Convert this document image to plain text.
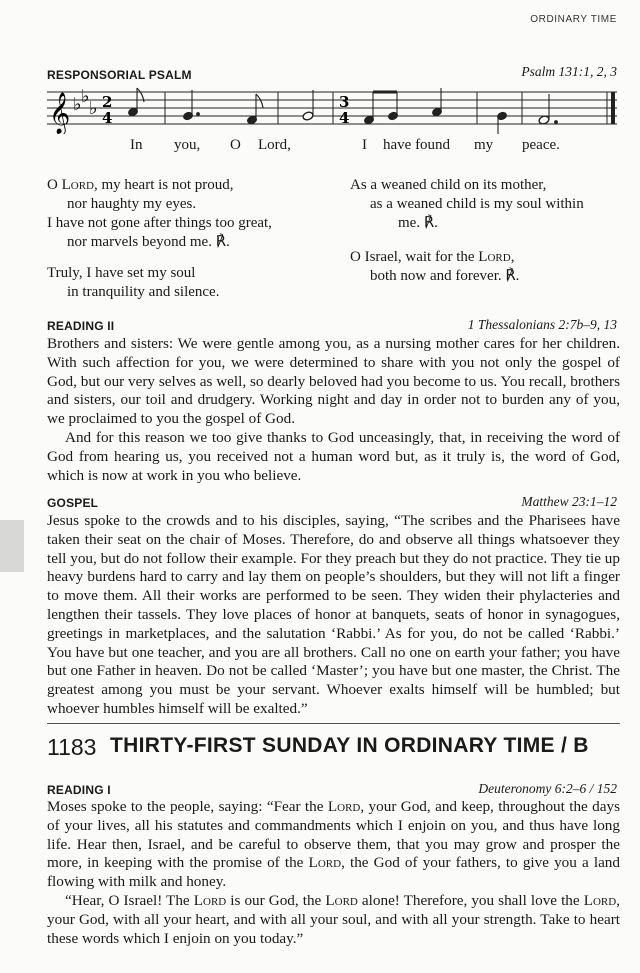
ORDINARY TIME
RESPONSORIAL PSALM	Psalm 131:1, 2, 3
𝄞 ♭ ♭
♭ 2
4
3
4
In you, O Lord,	I have found my peace.
O Lord, my heart is not proud,
nor haughty my eyes.
I have not gone after things too great,
nor marvels beyond me. ℟.
Truly, I have set my soul
in tranquility and silence.
As a weaned child on its mother,
as a weaned child is my soul within
me. ℟.
O Israel, wait for the Lord,
both now and forever. ℟.
READING II	1 Thessalonians 2:7b–9, 13

Brothers and sisters: We were gentle among you, as a nursing mother cares for her children. With such affection for you, we were determined to share with you not only the gospel of God, but our very selves as well, so dearly beloved had you become to us. You recall, brothers and sisters, our toil and drudgery. Working night and day in order not to burden any of you, we proclaimed to you the gospel of God.

And for this reason we too give thanks to God unceasingly, that, in receiving the word of God from hearing us, you received not a human word but, as it truly is, the word of God, which is now at work in you who believe.

GOSPEL	Matthew 23:1–12

Jesus spoke to the crowds and to his disciples, saying, “The scribes and the Pharisees have taken their seat on the chair of Moses. Therefore, do and observe all things whatsoever they tell you, but do not follow their example. For they preach but they do not practice. They tie up heavy burdens hard to carry and lay them on people’s shoulders, but they will not lift a finger to move them. All their works are performed to be seen. They widen their phylacteries and lengthen their tassels. They love places of honor at banquets, seats of honor in synagogues, greetings in marketplaces, and the salutation ‘Rabbi.’ As for you, do not be called ‘Rabbi.’ You have but one teacher, and you are all brothers. Call no one on earth your father; you have but one Father in heaven. Do not be called ‘Master’; you have but one master, the Christ. The greatest among you must be your servant. Whoever exalts himself will be humbled; but whoever humbles himself will be exalted.”

1183 THIRTY-FIRST SUNDAY IN ORDINARY TIME / B
READING I	Deuteronomy 6:2–6 / 152

Moses spoke to the people, saying: “Fear the Lord, your God, and keep, throughout the days of your lives, all his statutes and commandments which I enjoin on you, and thus have long life. Hear then, Israel, and be careful to observe them, that you may grow and prosper the more, in keeping with the promise of the Lord, the God of your fathers, to give you a land flowing with milk and honey.

“Hear, O Israel! The Lord is our God, the Lord alone! Therefore, you shall love the Lord, your God, with all your heart, and with all your soul, and with all your strength. Take to heart these words which I enjoin on you today.”
